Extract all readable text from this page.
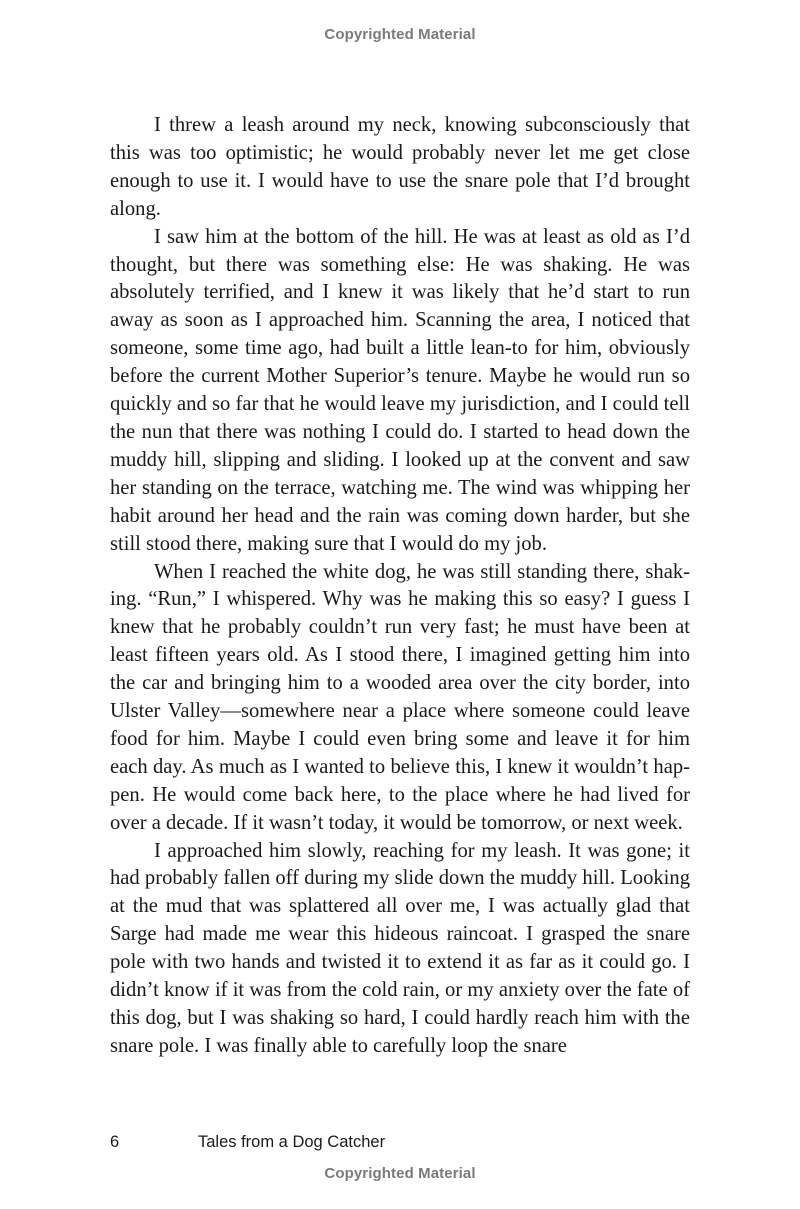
Copyrighted Material

I threw a leash around my neck, knowing subconsciously that this was too optimistic; he would probably never let me get close enough to use it. I would have to use the snare pole that I’d brought along.

I saw him at the bottom of the hill. He was at least as old as I’d thought, but there was something else: He was shaking. He was absolutely terrified, and I knew it was likely that he’d start to run away as soon as I approached him. Scanning the area, I noticed that someone, some time ago, had built a little lean-to for him, obviously before the current Mother Superior’s tenure. Maybe he would run so quickly and so far that he would leave my jurisdiction, and I could tell the nun that there was nothing I could do. I started to head down the muddy hill, slipping and sliding. I looked up at the convent and saw her standing on the terrace, watching me. The wind was whipping her habit around her head and the rain was coming down harder, but she still stood there, making sure that I would do my job.

When I reached the white dog, he was still standing there, shaking. “Run,” I whispered. Why was he making this so easy? I guess I knew that he probably couldn’t run very fast; he must have been at least fifteen years old. As I stood there, I imagined getting him into the car and bringing him to a wooded area over the city border, into Ulster Valley—somewhere near a place where someone could leave food for him. Maybe I could even bring some and leave it for him each day. As much as I wanted to believe this, I knew it wouldn’t happen. He would come back here, to the place where he had lived for over a decade. If it wasn’t today, it would be tomorrow, or next week.

I approached him slowly, reaching for my leash. It was gone; it had probably fallen off during my slide down the muddy hill. Looking at the mud that was splattered all over me, I was actually glad that Sarge had made me wear this hideous raincoat. I grasped the snare pole with two hands and twisted it to extend it as far as it could go. I didn’t know if it was from the cold rain, or my anxiety over the fate of this dog, but I was shaking so hard, I could hardly reach him with the snare pole. I was finally able to carefully loop the snare

6	Tales from a Dog Catcher
Copyrighted Material
